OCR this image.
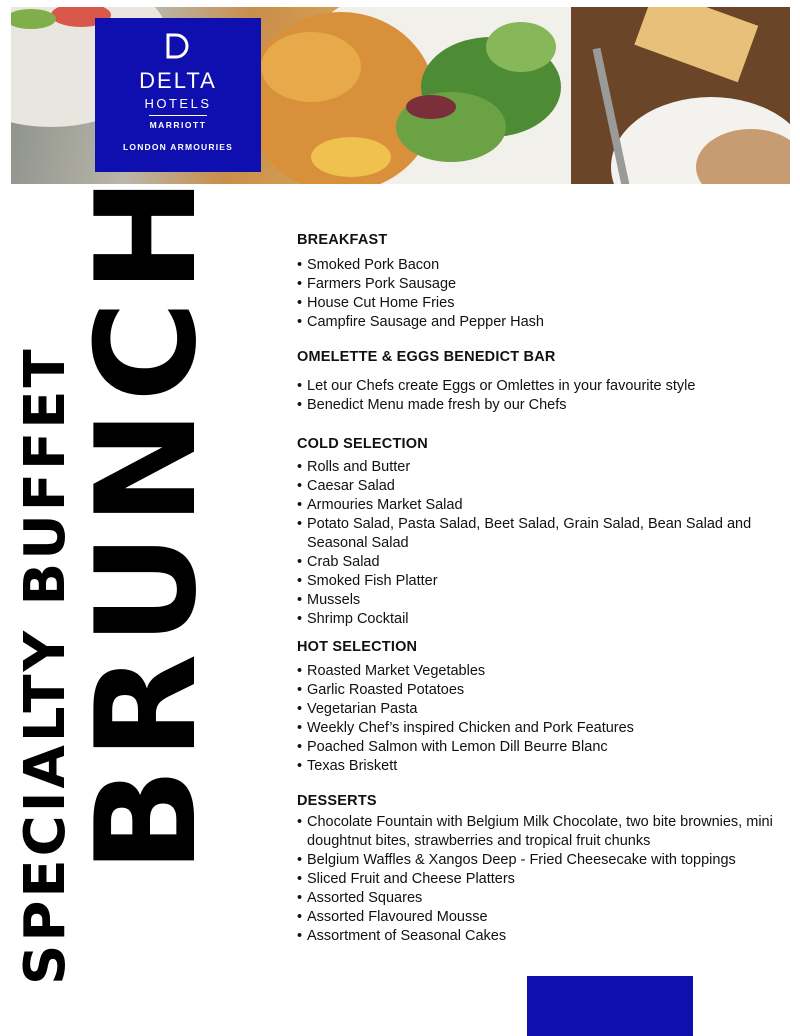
DELTA
HOTELS
MARRIOTT
LONDON ARMOURIES
BRUNCH
SPECIALTY BUFFET
BREAKFAST
• Smoked Pork Bacon
• Farmers Pork Sausage
• House Cut Home Fries
• Campfire Sausage and Pepper Hash
OMELETTE & EGGS BENEDICT BAR
• Let our Chefs create Eggs or Omlettes in your favourite style
• Benedict Menu made fresh by our Chefs
COLD SELECTION
• Rolls and Butter
• Caesar Salad
• Armouries Market Salad
• Potato Salad, Pasta Salad, Beet Salad, Grain Salad, Bean Salad and Seasonal Salad
• Crab Salad
• Smoked Fish Platter
• Mussels
• Shrimp Cocktail
HOT SELECTION
• Roasted Market Vegetables
• Garlic Roasted Potatoes
• Vegetarian Pasta
• Weekly Chef’s inspired Chicken and Pork Features
• Poached Salmon with Lemon Dill Beurre Blanc
• Texas Briskett
DESSERTS
• Chocolate Fountain with Belgium Milk Chocolate, two bite brownies, mini doughtnut bites, strawberries and tropical fruit chunks
• Belgium Waffles & Xangos Deep - Fried Cheesecake with toppings
• Sliced Fruit and Cheese Platters
• Assorted Squares
• Assorted Flavoured Mousse
• Assortment of Seasonal Cakes
